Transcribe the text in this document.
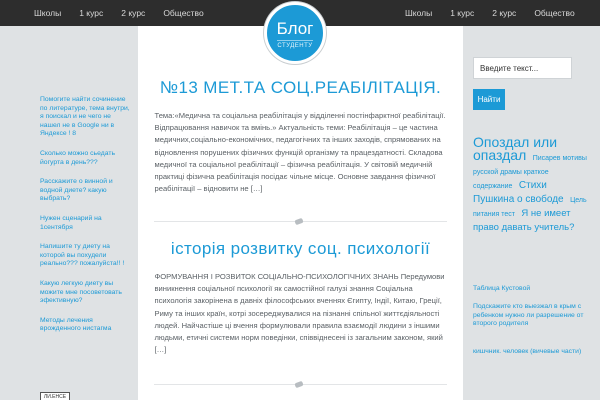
Школы 1 курс 2 курс Общество	Школы 1 курс 2 курс Общество
Блог
СТУДЕНТУ
№13 МЕТ.ТА СОЦ.РЕАБІЛІТАЦІЯ.
Тема:«Медична та соціальна реабілітація у відділенні постінфарктної реабілітації. Відпрацювання навичок та вмінь.» Актуальність теми: Реабілітація – це частина медичних,соціально-економічних, педагогічних та інших заходів, спрямованих на відновлення порушених фізичних функцій організму та працездатності. Складова медичної та соціальної реабілітації – фізична реабілітація. У світовій медичній практиці фізична реабілітація посідає чільне місце. Основне завдання фізичної реабілітації – відновити не […]
історія розвитку соц. психології
ФОРМУВАННЯ І РОЗВИТОК СОЦІАЛЬНО-ПСИХОЛОГІЧНИХ ЗНАНЬ Передумови виникнення соціальної психології як самостійної галузі знання Соціальна психологія закорінена в давніх філософських вченнях Єгипту, Індії, Китаю, Греції, Риму та інших країн, котрі зосереджувалися на пізнанні спільної життєдіяльності людей. Найчастіше ці вчення формулювали правила взаємодії людини з іншими людьми, етичні системи норм поведінки, співвіднесені із загальним законом, який […]
Помогите найти сочинение по литературе, тема внутри, я поискал и не чего не нашел не в Google ни в Яндексе ! 8
Сколько можно сьедать йогурта в день???
Расскажите о винной и водной диете? какую выбрать?
Нужен сценарий на 1сентября
Напишите ту диету на которой вы похудели реально??? пожалуйста!! !
Какую легкую диету вы можите мне посоветовать эфективную?
Методы лечения врожденного нистагма
ЛИ.ЕНСЕ
Введите текст...
Найти
Опоздал или опаздал Писарев мотивы русской драмы краткое содержание Стихи Пушкина о свободе Цель питания тест Я не имеет право давать учитель?
Таблица Кустовой
Подскажите кто выезжал в крым с ребенком нужно ли разрешение от второго родителя
кишчник. человек (вичевые части)
